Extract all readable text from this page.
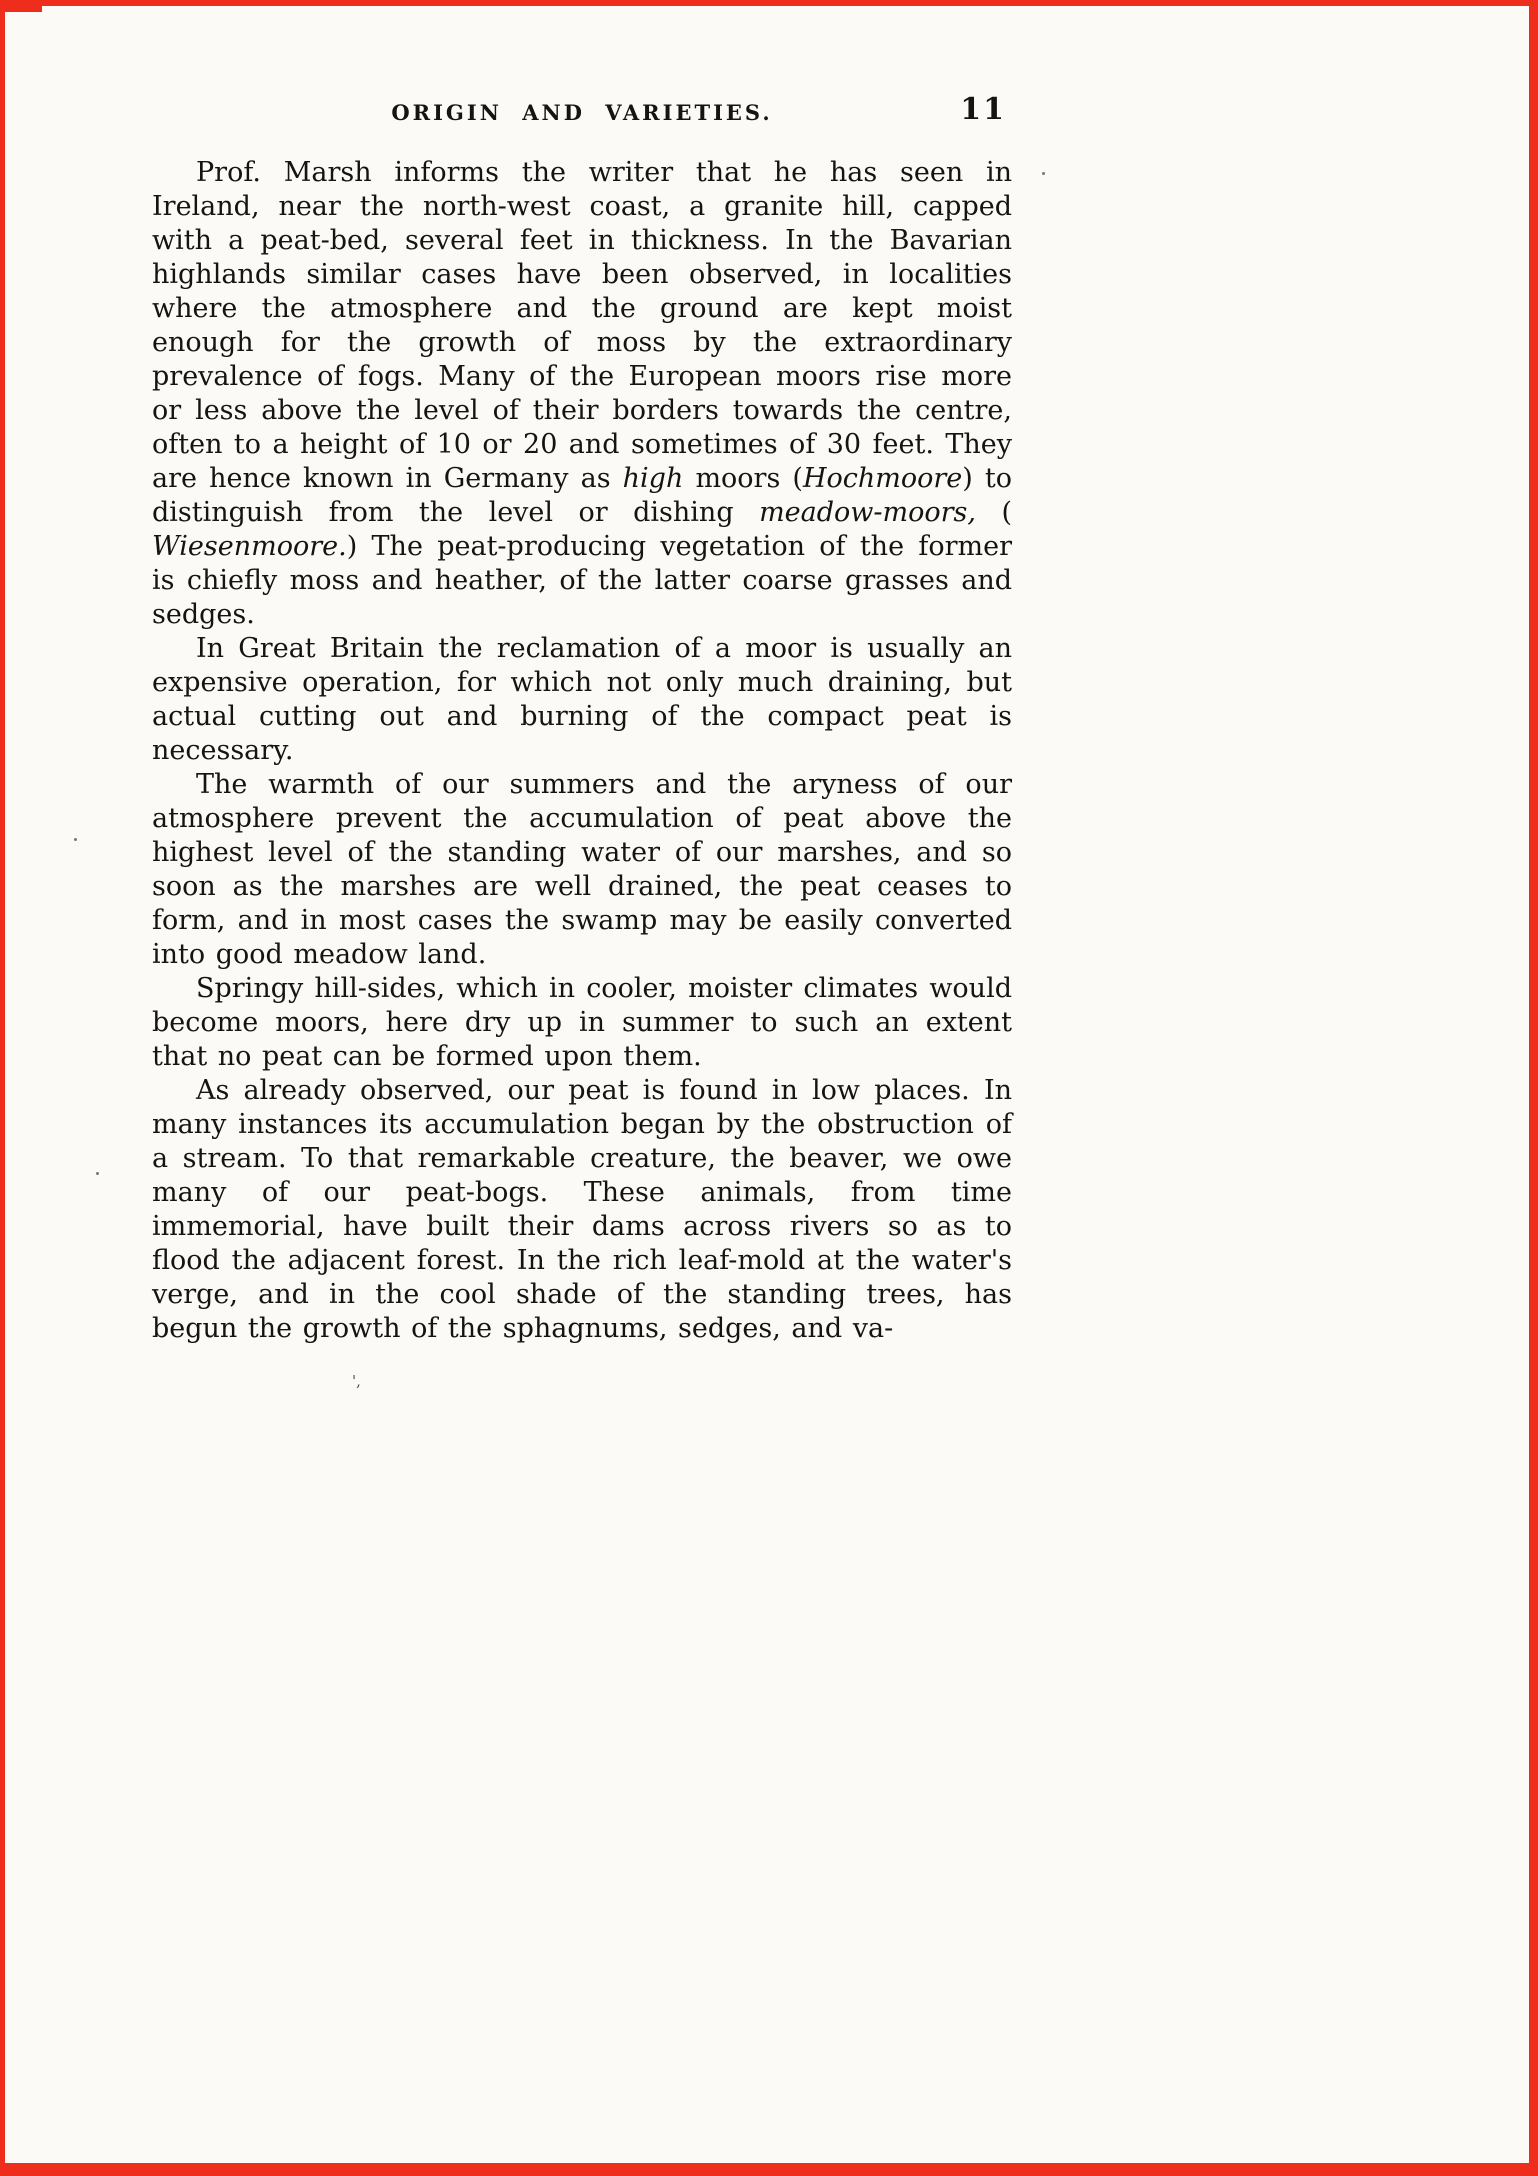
ORIGIN AND VARIETIES.	11

Prof. Marsh informs the writer that he has seen in Ireland, near the north-west coast, a granite hill, capped with a peat-bed, several feet in thickness. In the Bavarian highlands similar cases have been observed, in localities where the atmosphere and the ground are kept moist enough for the growth of moss by the extraordinary prevalence of fogs. Many of the European moors rise more or less above the level of their borders towards the centre, often to a height of 10 or 20 and sometimes of 30 feet. They are hence known in Germany as high moors (Hochmoore) to distinguish from the level or dishing meadow-moors, ( Wiesenmoore.) The peat-producing vegetation of the former is chiefly moss and heather, of the latter coarse grasses and sedges.

In Great Britain the reclamation of a moor is usually an expensive operation, for which not only much draining, but actual cutting out and burning of the compact peat is necessary.

The warmth of our summers and the aryness of our atmosphere prevent the accumulation of peat above the highest level of the standing water of our marshes, and so soon as the marshes are well drained, the peat ceases to form, and in most cases the swamp may be easily converted into good meadow land.

Springy hill-sides, which in cooler, moister climates would become moors, here dry up in summer to such an extent that no peat can be formed upon them.

As already observed, our peat is found in low places. In many instances its accumulation began by the obstruction of a stream. To that remarkable creature, the beaver, we owe many of our peat-bogs. These animals, from time immemorial, have built their dams across rivers so as to flood the adjacent forest. In the rich leaf-mold at the water's verge, and in the cool shade of the standing trees, has begun the growth of the sphagnums, sedges, and va-

',
